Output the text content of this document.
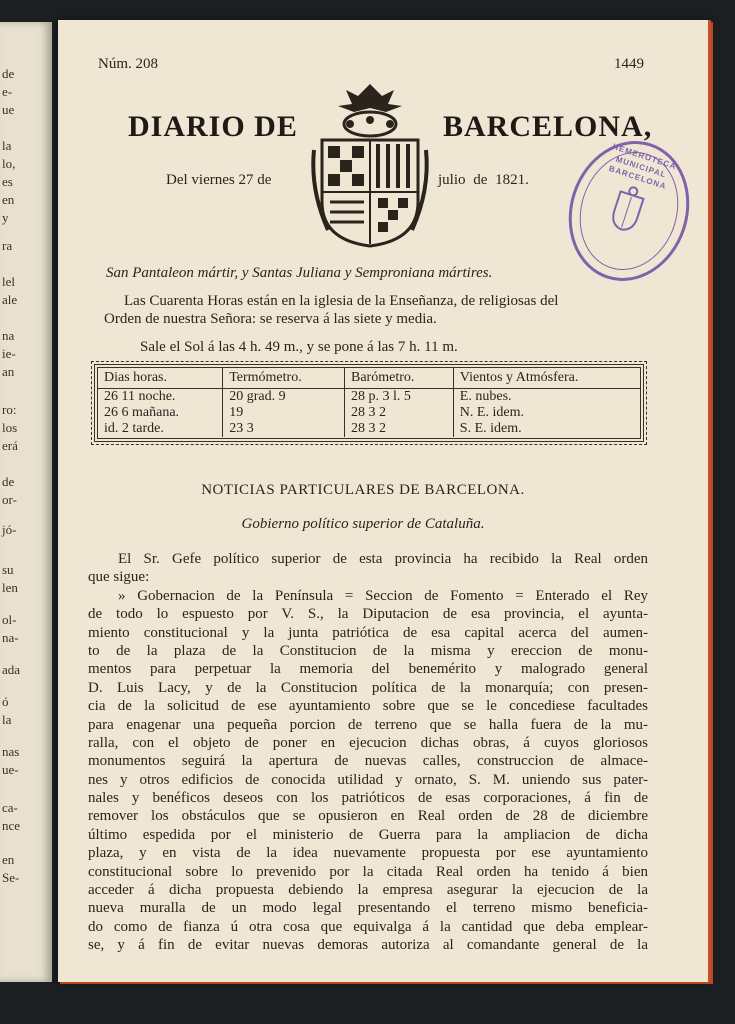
de
e-
ue
la
lo,
es
en
y
ra
lel
ale
na
ie-
an
ro:
los
erá
de
or-
jó-
su
len
ol-
na-
ada
ó
la
nas
ue-
ca-
nce
en
Se-
Núm. 208	1449
DIARIO DE	BARCELONA,
Del viernes 27 de	julio de 1821.
HEMEROTECA MUNICIPAL BARCELONA
San Pantaleon mártir, y Santas Juliana y Semproniana mártires.
Las Cuarenta Horas están en la iglesia de la Enseñanza, de religiosas del
Orden de nuestra Señora: se reserva á las siete y media.
Sale el Sol á las 4 h. 49 m., y se pone á las 7 h. 11 m.
Dias horas.	Termómetro.	Barómetro.	Vientos y Atmósfera.
26 11 noche.	20 grad. 9	28 p. 3 l. 5	E. nubes.
26 6 mañana.	19	28 3 2	N. E. idem.
id. 2 tarde.	23 3	28 3 2	S. E. idem.
NOTICIAS PARTICULARES DE BARCELONA.
Gobierno político superior de Cataluña.
El Sr. Gefe político superior de esta provincia ha recibido la Real orden
que sigue:
» Gobernacion de la Península = Seccion de Fomento = Enterado el Rey
de todo lo espuesto por V. S., la Diputacion de esa provincia, el ayunta-
miento constitucional y la junta patriótica de esa capital acerca del aumen-
to de la plaza de la Constitucion de la misma y ereccion de monu-
mentos para perpetuar la memoria del benemérito y malogrado general
D. Luis Lacy, y de la Constitucion política de la monarquía; con presen-
cia de la solicitud de ese ayuntamiento sobre que se le concediese facultades
para enagenar una pequeña porcion de terreno que se halla fuera de la mu-
ralla, con el objeto de poner en ejecucion dichas obras, á cuyos gloriosos
monumentos seguirá la apertura de nuevas calles, construccion de almace-
nes y otros edificios de conocida utilidad y ornato, S. M. uniendo sus pater-
nales y benéficos deseos con los patrióticos de esas corporaciones, á fin de
remover los obstáculos que se opusieron en Real orden de 28 de diciembre
último espedida por el ministerio de Guerra para la ampliacion de dicha
plaza, y en vista de la idea nuevamente propuesta por ese ayuntamiento
constitucional sobre lo prevenido por la citada Real orden ha tenido á bien
acceder á dicha propuesta debiendo la empresa asegurar la ejecucion de la
nueva muralla de un modo legal presentando el terreno mismo beneficia-
do como de fianza ú otra cosa que equivalga á la cantidad que deba emplear-
se, y á fin de evitar nuevas demoras autoriza al comandante general de la
